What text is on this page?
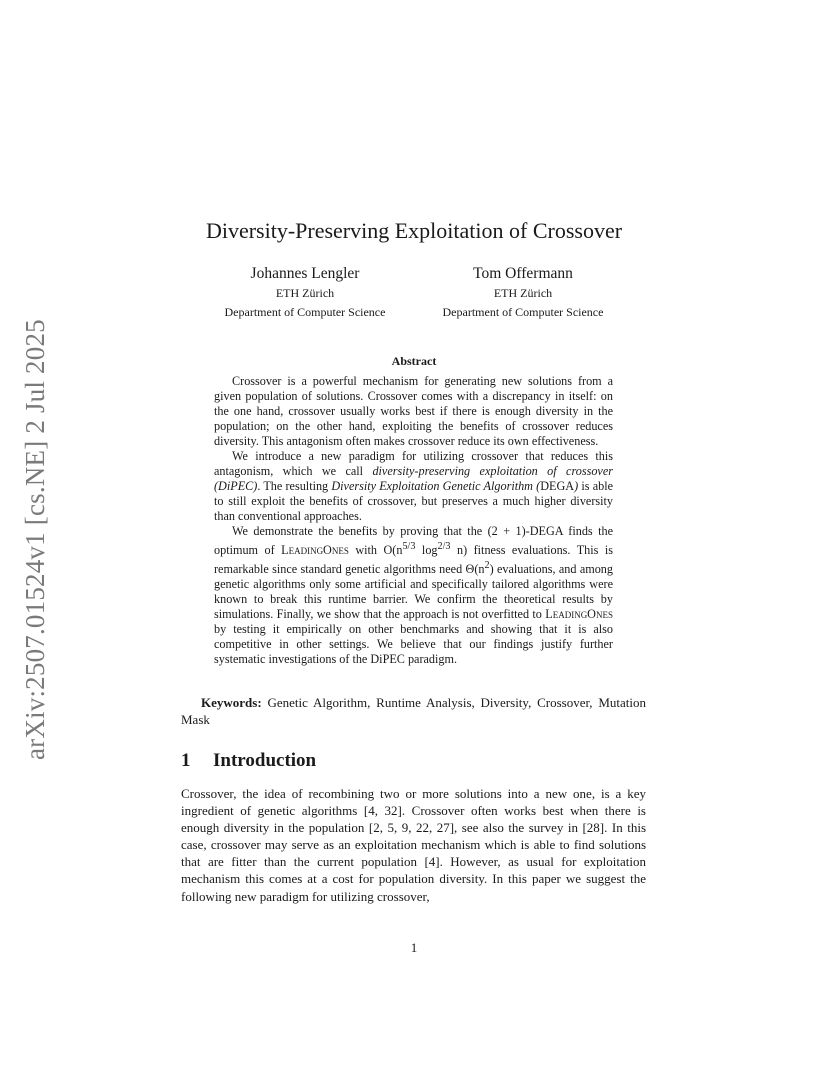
arXiv:2507.01524v1 [cs.NE] 2 Jul 2025
Diversity-Preserving Exploitation of Crossover
Johannes Lengler
ETH Zürich
Department of Computer Science
Tom Offermann
ETH Zürich
Department of Computer Science
Abstract

Crossover is a powerful mechanism for generating new solutions from a given population of solutions. Crossover comes with a discrepancy in itself: on the one hand, crossover usually works best if there is enough diversity in the population; on the other hand, exploiting the benefits of crossover reduces diversity. This antagonism often makes crossover reduce its own effectiveness.

We introduce a new paradigm for utilizing crossover that reduces this antagonism, which we call diversity-preserving exploitation of crossover (DiPEC). The resulting Diversity Exploitation Genetic Algorithm (DEGA) is able to still exploit the benefits of crossover, but preserves a much higher diversity than conventional approaches.

We demonstrate the benefits by proving that the (2 + 1)-DEGA finds the optimum of LeadingOnes with $O(n^{5/3}$ $\log^{2/3} n$) fitness evaluations. This is remarkable since standard genetic algorithms need $\Theta(n^2)$ evaluations, and among genetic algorithms only some artificial and specifically tailored algorithms were known to break this runtime barrier. We confirm the theoretical results by simulations. Finally, we show that the approach is not overfitted to LeadingOnes by testing it empirically on other benchmarks and showing that it is also competitive in other settings. We believe that our findings justify further systematic investigations of the DiPEC paradigm.

Keywords: Genetic Algorithm, Runtime Analysis, Diversity, Crossover, Mutation Mask
1 Introduction

Crossover, the idea of recombining two or more solutions into a new one, is a key ingredient of genetic algorithms [4, 32]. Crossover often works best when there is enough diversity in the population [2, 5, 9, 22, 27], see also the survey in [28]. In this case, crossover may serve as an exploitation mechanism which is able to find solutions that are fitter than the current population [4]. However, as usual for exploitation mechanism this comes at a cost for population diversity. In this paper we suggest the following new paradigm for utilizing crossover,

1
